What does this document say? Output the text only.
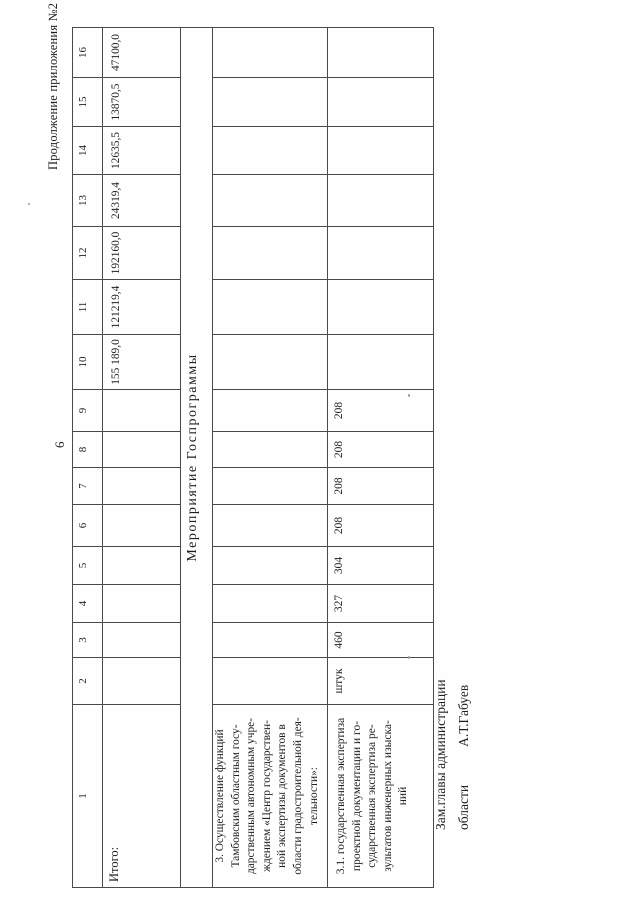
Продолжение приложения №2
6
1	2	3	4	5	6	7	8	9	10	11	12	13	14	15	16
Итого:									155 189,0	121219,4	192160,0	24319,4	12635,5	13870,5	47100,0
Мероприятие Госпрограммы															

3. Осуществление функций Тамбовским областным госу- дарственным автономным учре- ждением «Центр государствен- ной экспертизы документов в области градостроительной дея- тельности»:

3.1. государственная экспертиза проектной документации и го- сударственная экспертиза ре- зультатов инженерных изыска- ний	штук	460	327	304	208	208	208	208							
Зам.главы администрации областиА.Т.Габуев
